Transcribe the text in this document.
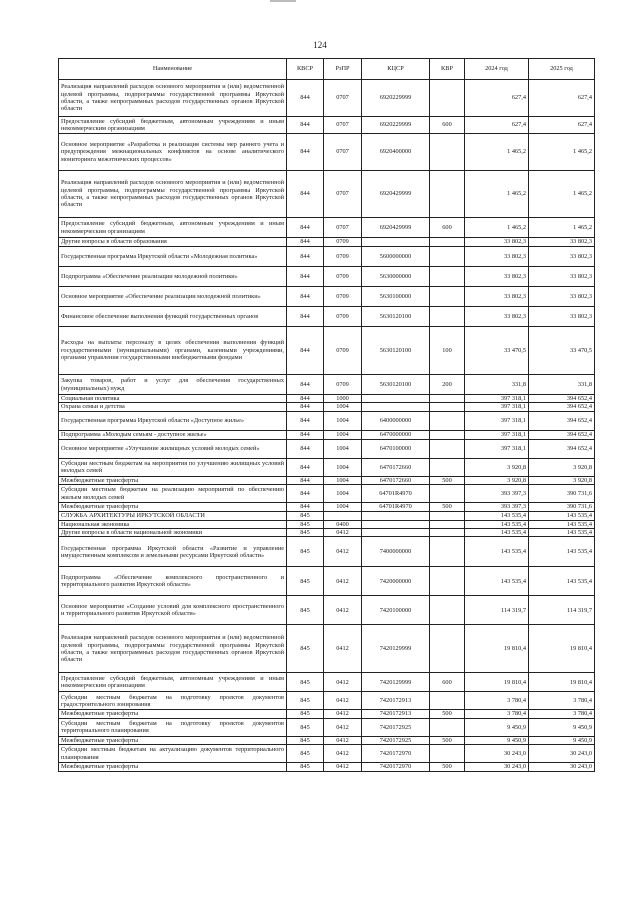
124
Наименование	КВСР	РзПР	КЦСР	КВР	2024 год	2025 год
Реализация направлений расходов основного мероприятия и (или) ведомственной целевой программы, подпрограммы государственной программы Иркутской области, а также непрограммных расходов государственных органов Иркутской области	844	0707	6920229999		627,4	627,4
Предоставление субсидий бюджетным, автономным учреждениям и иным некоммерческим организациям	844	0707	6920229999	600	627,4	627,4
Основное мероприятие «Разработка и реализация системы мер раннего учета и предупреждения межнациональных конфликтов на основе аналитического мониторинга межэтнических процессов»	844	0707	6920400000		1 465,2	1 465,2
Реализация направлений расходов основного мероприятия и (или) ведомственной целевой программы, подпрограммы государственной программы Иркутской области, а также непрограммных расходов государственных органов Иркутской области	844	0707	6920429999		1 465,2	1 465,2
Предоставление субсидий бюджетным, автономным учреждениям и иным некоммерческим организациям	844	0707	6920429999	600	1 465,2	1 465,2
Другие вопросы в области образования	844	0709			33 802,3	33 802,3
Государственная программа Иркутской области «Молодежная политика»	844	0709	5600000000		33 802,3	33 802,3
Подпрограмма «Обеспечение реализации молодежной политики»	844	0709	5630000000		33 802,3	33 802,3
Основное мероприятие «Обеспечение реализации молодежной политики»	844	0709	5630100000		33 802,3	33 802,3
Финансовое обеспечение выполнения функций государственных органов	844	0709	5630120100		33 802,3	33 802,3
Расходы на выплаты персоналу в целях обеспечения выполнения функций государственными (муниципальными) органами, казенными учреждениями, органами управления государственными внебюджетными фондами	844	0709	5630120100	100	33 470,5	33 470,5
Закупка товаров, работ и услуг для обеспечения государственных (муниципальных) нужд	844	0709	5630120100	200	331,8	331,8
Социальная политика	844	1000			397 318,1	394 652,4
Охрана семьи и детства	844	1004			397 318,1	394 652,4
Государственная программа Иркутской области «Доступное жилье»	844	1004	6400000000		397 318,1	394 652,4
Подпрограмма «Молодым семьям - доступное жилье»	844	1004	6470000000		397 318,1	394 652,4
Основное мероприятие «Улучшение жилищных условий молодых семей»	844	1004	6470100000		397 318,1	394 652,4
Субсидии местным бюджетам на мероприятия по улучшению жилищных условий молодых семей	844	1004	6470172660		3 920,8	3 920,8
Межбюджетные трансферты	844	1004	6470172660	500	3 920,8	3 920,8
Субсидии местным бюджетам на реализацию мероприятий по обеспечению жильем молодых семей	844	1004	64701R4970		393 397,3	390 731,6
Межбюджетные трансферты	844	1004	64701R4970	500	393 397,3	390 731,6
СЛУЖБА АРХИТЕКТУРЫ ИРКУТСКОЙ ОБЛАСТИ	845				143 535,4	143 535,4
Национальная экономика	845	0400			143 535,4	143 535,4
Другие вопросы в области национальной экономики	845	0412			143 535,4	143 535,4
Государственная программа Иркутской области «Развитие и управление имущественным комплексом и земельными ресурсами Иркутской области»	845	0412	7400000000		143 535,4	143 535,4
Подпрограмма «Обеспечение комплексного пространственного и территориального развития Иркутской области»	845	0412	7420000000		143 535,4	143 535,4
Основное мероприятие «Создание условий для комплексного пространственного и территориального развития Иркутской области»	845	0412	7420100000		114 319,7	114 319,7
Реализация направлений расходов основного мероприятия и (или) ведомственной целевой программы, подпрограммы государственной программы Иркутской области, а также непрограммных расходов государственных органов Иркутской области	845	0412	7420129999		19 810,4	19 810,4
Предоставление субсидий бюджетным, автономным учреждениям и иным некоммерческим организациям	845	0412	7420129999	600	19 810,4	19 810,4
Субсидии местным бюджетам на подготовку проектов документов градостроительного зонирования	845	0412	7420172913		3 780,4	3 780,4
Межбюджетные трансферты	845	0412	7420172913	500	3 780,4	3 780,4
Субсидии местным бюджетам на подготовку проектов документов территориального планирования	845	0412	7420172925		9 450,9	9 450,9
Межбюджетные трансферты	845	0412	7420172925	500	9 450,9	9 450,9
Субсидии местным бюджетам на актуализацию документов территориального планирования	845	0412	7420172970		30 243,0	30 243,0
Межбюджетные трансферты	845	0412	7420172970	500	30 243,0	30 243,0
